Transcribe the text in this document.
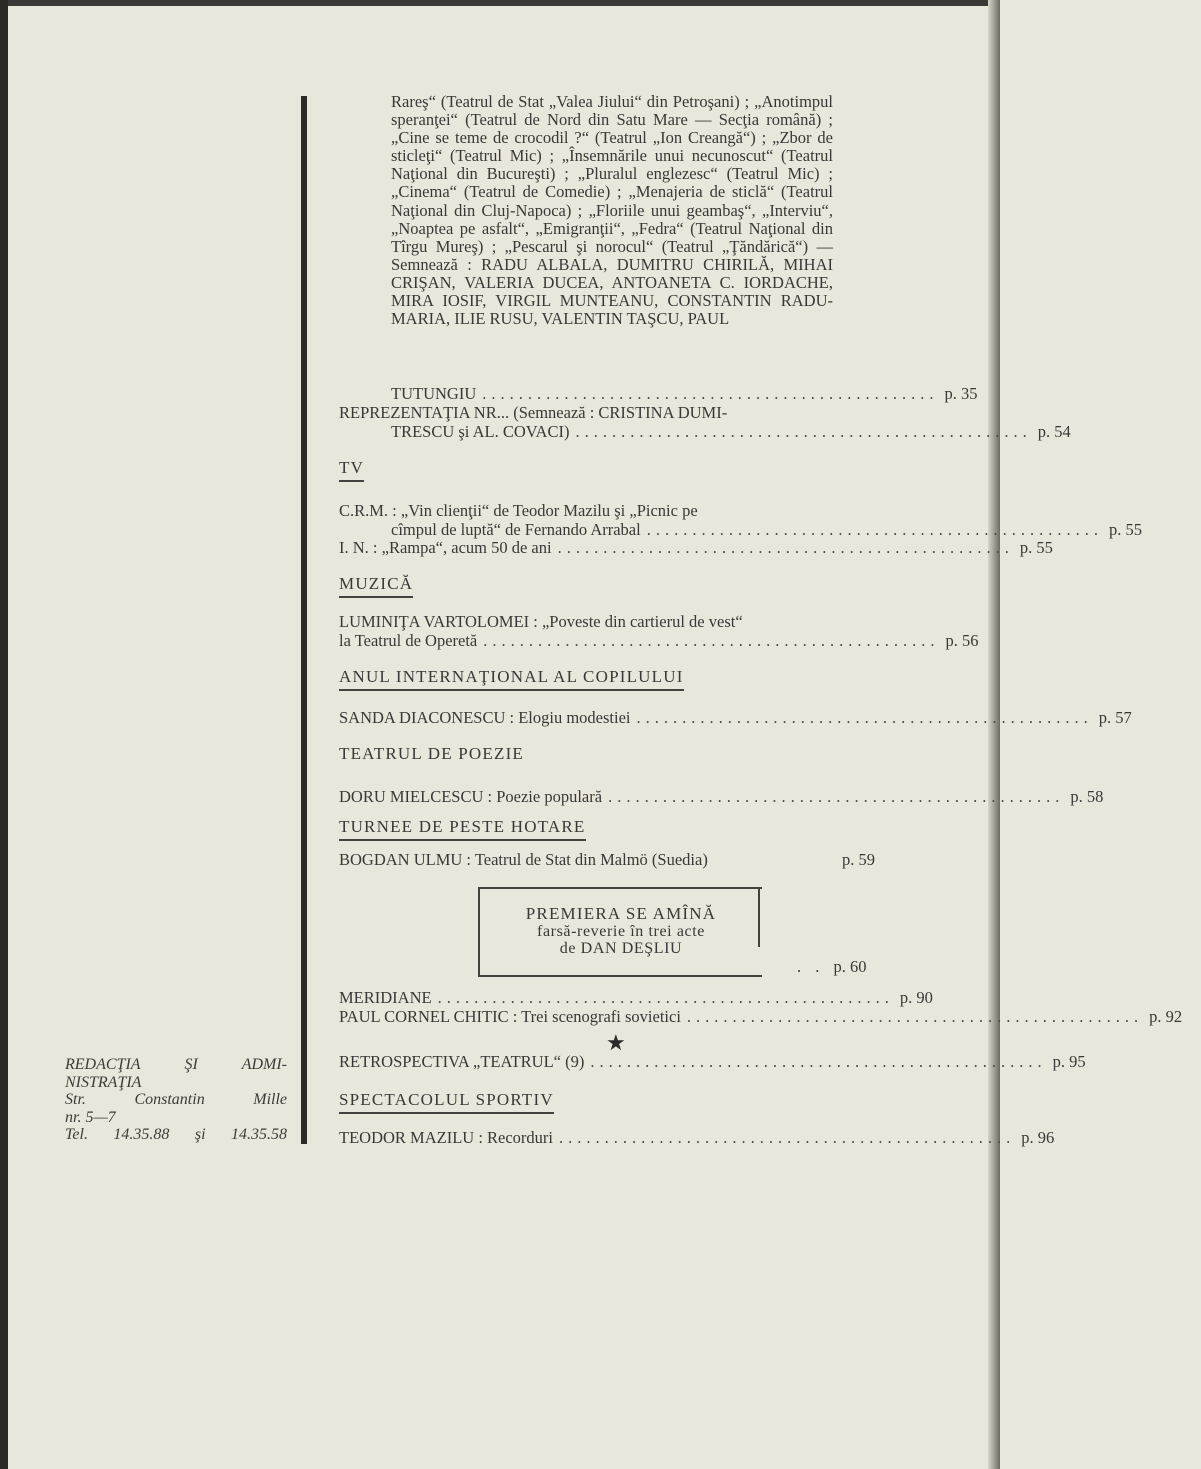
Rareş“ (Teatrul de Stat „Valea Jiului“ din Petroşani) ; „Anotimpul speranţei“ (Teatrul de Nord din Satu Mare — Secţia română) ; „Cine se teme de crocodil ?“ (Teatrul „Ion Creangă“) ; „Zbor de sticleţi“ (Teatrul Mic) ; „Însemnările unui necunoscut“ (Teatrul Naţional din Bucureşti) ; „Pluralul englezesc“ (Teatrul Mic) ; „Cinema“ (Teatrul de Comedie) ; „Menajeria de sticlă“ (Teatrul Naţional din Cluj-Napoca) ; „Floriile unui geambaş“, „Interviu“, „Noaptea pe asfalt“, „Emigranţii“, „Fedra“ (Teatrul Naţional din Tîrgu Mureş) ; „Pescarul şi norocul“ (Teatrul „Ţăndărică“) — Semnează : RADU ALBALA, DUMITRU CHIRILĂ, MIHAI CRIŞAN, VALERIA DUCEA, ANTOANETA C. IORDACHE, MIRA IOSIF, VIRGIL MUNTEANU, CONSTANTIN RADU-MARIA, ILIE RUSU, VALENTIN TAŞCU, PAUL
TUTUNGIU .................................................. p. 35
REPREZENTAŢIA NR... (Semnează : CRISTINA DUMI-
TRESCU şi AL. COVACI) .................................................. p. 54
TV
C.R.M. : „Vin clienţii“ de Teodor Mazilu şi „Picnic pe
cîmpul de luptă“ de Fernando Arrabal .................................................. p. 55
I. N. : „Rampa“, acum 50 de ani .................................................. p. 55
MUZICĂ
LUMINIŢA VARTOLOMEI : „Poveste din cartierul de vest“
la Teatrul de Operetă .................................................. p. 56
ANUL INTERNAŢIONAL AL COPILULUI
SANDA DIACONESCU : Elogiu modestiei .................................................. p. 57
TEATRUL DE POEZIE
DORU MIELCESCU : Poezie populară .................................................. p. 58
TURNEE DE PESTE HOTARE
BOGDAN ULMU : Teatrul de Stat din Malmö (Suedia)	p. 59
PREMIERA SE AMÎNĂ
farsă-reverie în trei acte
de DAN DEŞLIU
. . p. 60
MERIDIANE .................................................. p. 90
PAUL CORNEL CHITIC : Trei scenografi sovietici .................................................. p. 92
★
RETROSPECTIVA „TEATRUL“ (9) .................................................. p. 95
SPECTACOLUL SPORTIV
TEODOR MAZILU : Recorduri .................................................. p. 96
REDACŢIA	ŞI	ADMI-
NISTRAŢIA
Str.	Constantin	Mille
nr. 5—7
Tel. 14.35.88 şi 14.35.58
